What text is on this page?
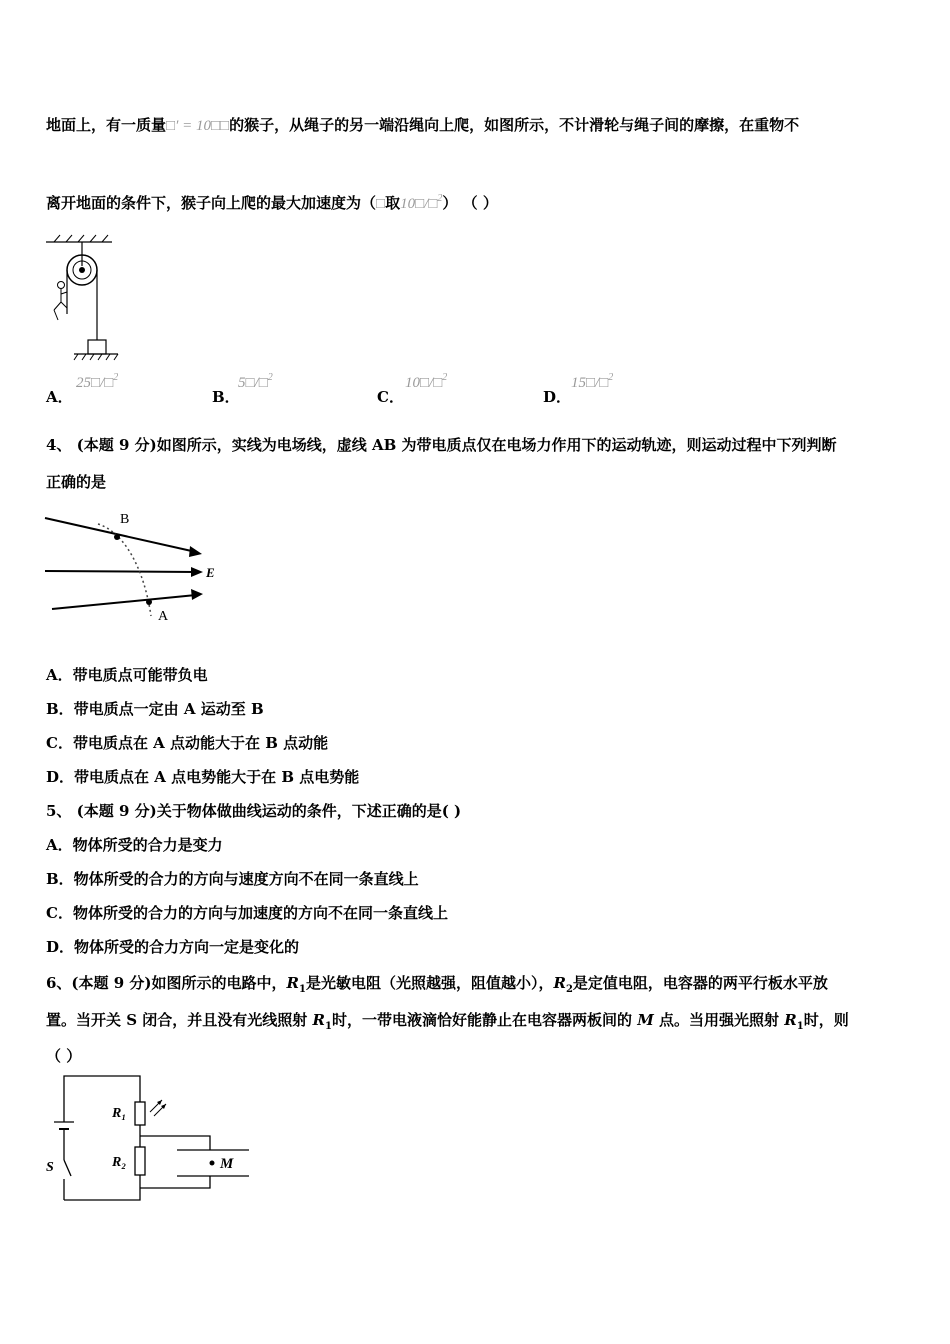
地面上，有一质量□′ = 10□□的猴子，从绳子的另一端沿绳向上爬，如图所示，不计滑轮与绳子间的摩擦，在重物不
离开地面的条件下，猴子向上爬的最大加速度为（□取10□/□$^2$） （ ）
A．
25□/□$^2$
B．
5□/□$^2$
C．
10□/□$^2$
D．
15□/□$^2$
4、 (本题 9 分)如图所示，实线为电场线，虚线 AB 为带电质点仅在电场力作用下的运动轨迹，则运动过程中下列判断
正确的是
B
A
E
A．带电质点可能带负电
B．带电质点一定由 A 运动至 B
C．带电质点在 A 点动能大于在 B 点动能
D．带电质点在 A 点电势能大于在 B 点电势能
5、 (本题 9 分)关于物体做曲线运动的条件，下述正确的是( )
A．物体所受的合力是变力
B．物体所受的合力的方向与速度方向不在同一条直线上
C．物体所受的合力的方向与加速度的方向不在同一条直线上
D．物体所受的合力方向一定是变化的
6、(本题 9 分)如图所示的电路中，$R_1$是光敏电阻（光照越强，阻值越小），$R_2$是定值电阻，电容器的两平行板水平放
置。当开关 S 闭合，并且没有光线照射 $R_1$时，一带电液滴恰好能静止在电容器两板间的 M 点。当用强光照射 $R_1$时，则
（ ）
R₁
R₂
S	M
